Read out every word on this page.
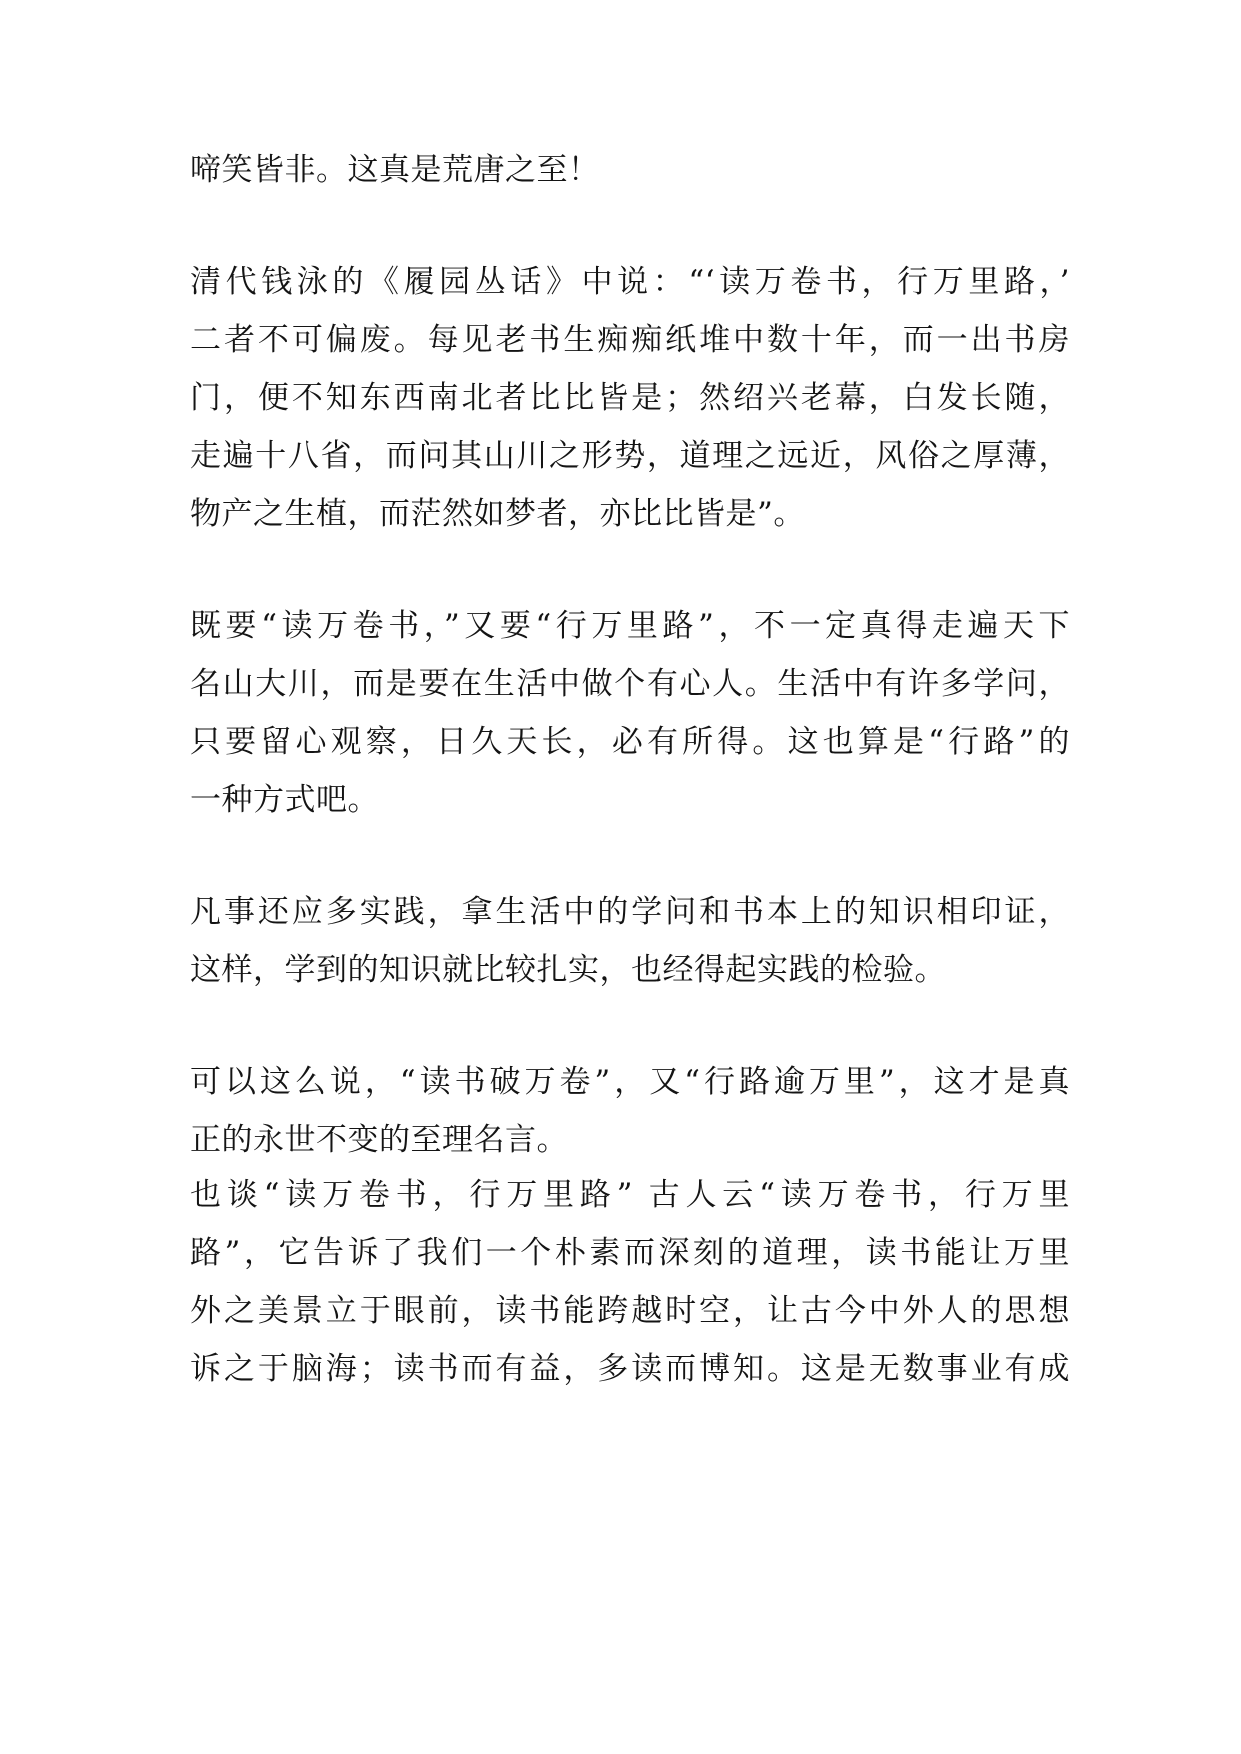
啼笑皆非。这真是荒唐之至！
清代钱泳的《履园丛话》中说：“‘读万卷书，行万里路，’
二者不可偏废。每见老书生痴痴纸堆中数十年，而一出书房
门，便不知东西南北者比比皆是；然绍兴老幕，白发长随，
走遍十八省，而问其山川之形势，道理之远近，风俗之厚薄，
物产之生植，而茫然如梦者，亦比比皆是”。
既要“读万卷书，”又要“行万里路”，不一定真得走遍天下
名山大川，而是要在生活中做个有心人。生活中有许多学问，
只要留心观察，日久天长，必有所得。这也算是“行路”的
一种方式吧。
凡事还应多实践，拿生活中的学问和书本上的知识相印证，
这样，学到的知识就比较扎实，也经得起实践的检验。
可以这么说，“读书破万卷”，又“行路逾万里”，这才是真
正的永世不变的至理名言。
也谈“读万卷书，行万里路” 古人云“读万卷书，行万里
路”，它告诉了我们一个朴素而深刻的道理，读书能让万里
外之美景立于眼前，读书能跨越时空，让古今中外人的思想
诉之于脑海；读书而有益，多读而博知。这是无数事业有成
